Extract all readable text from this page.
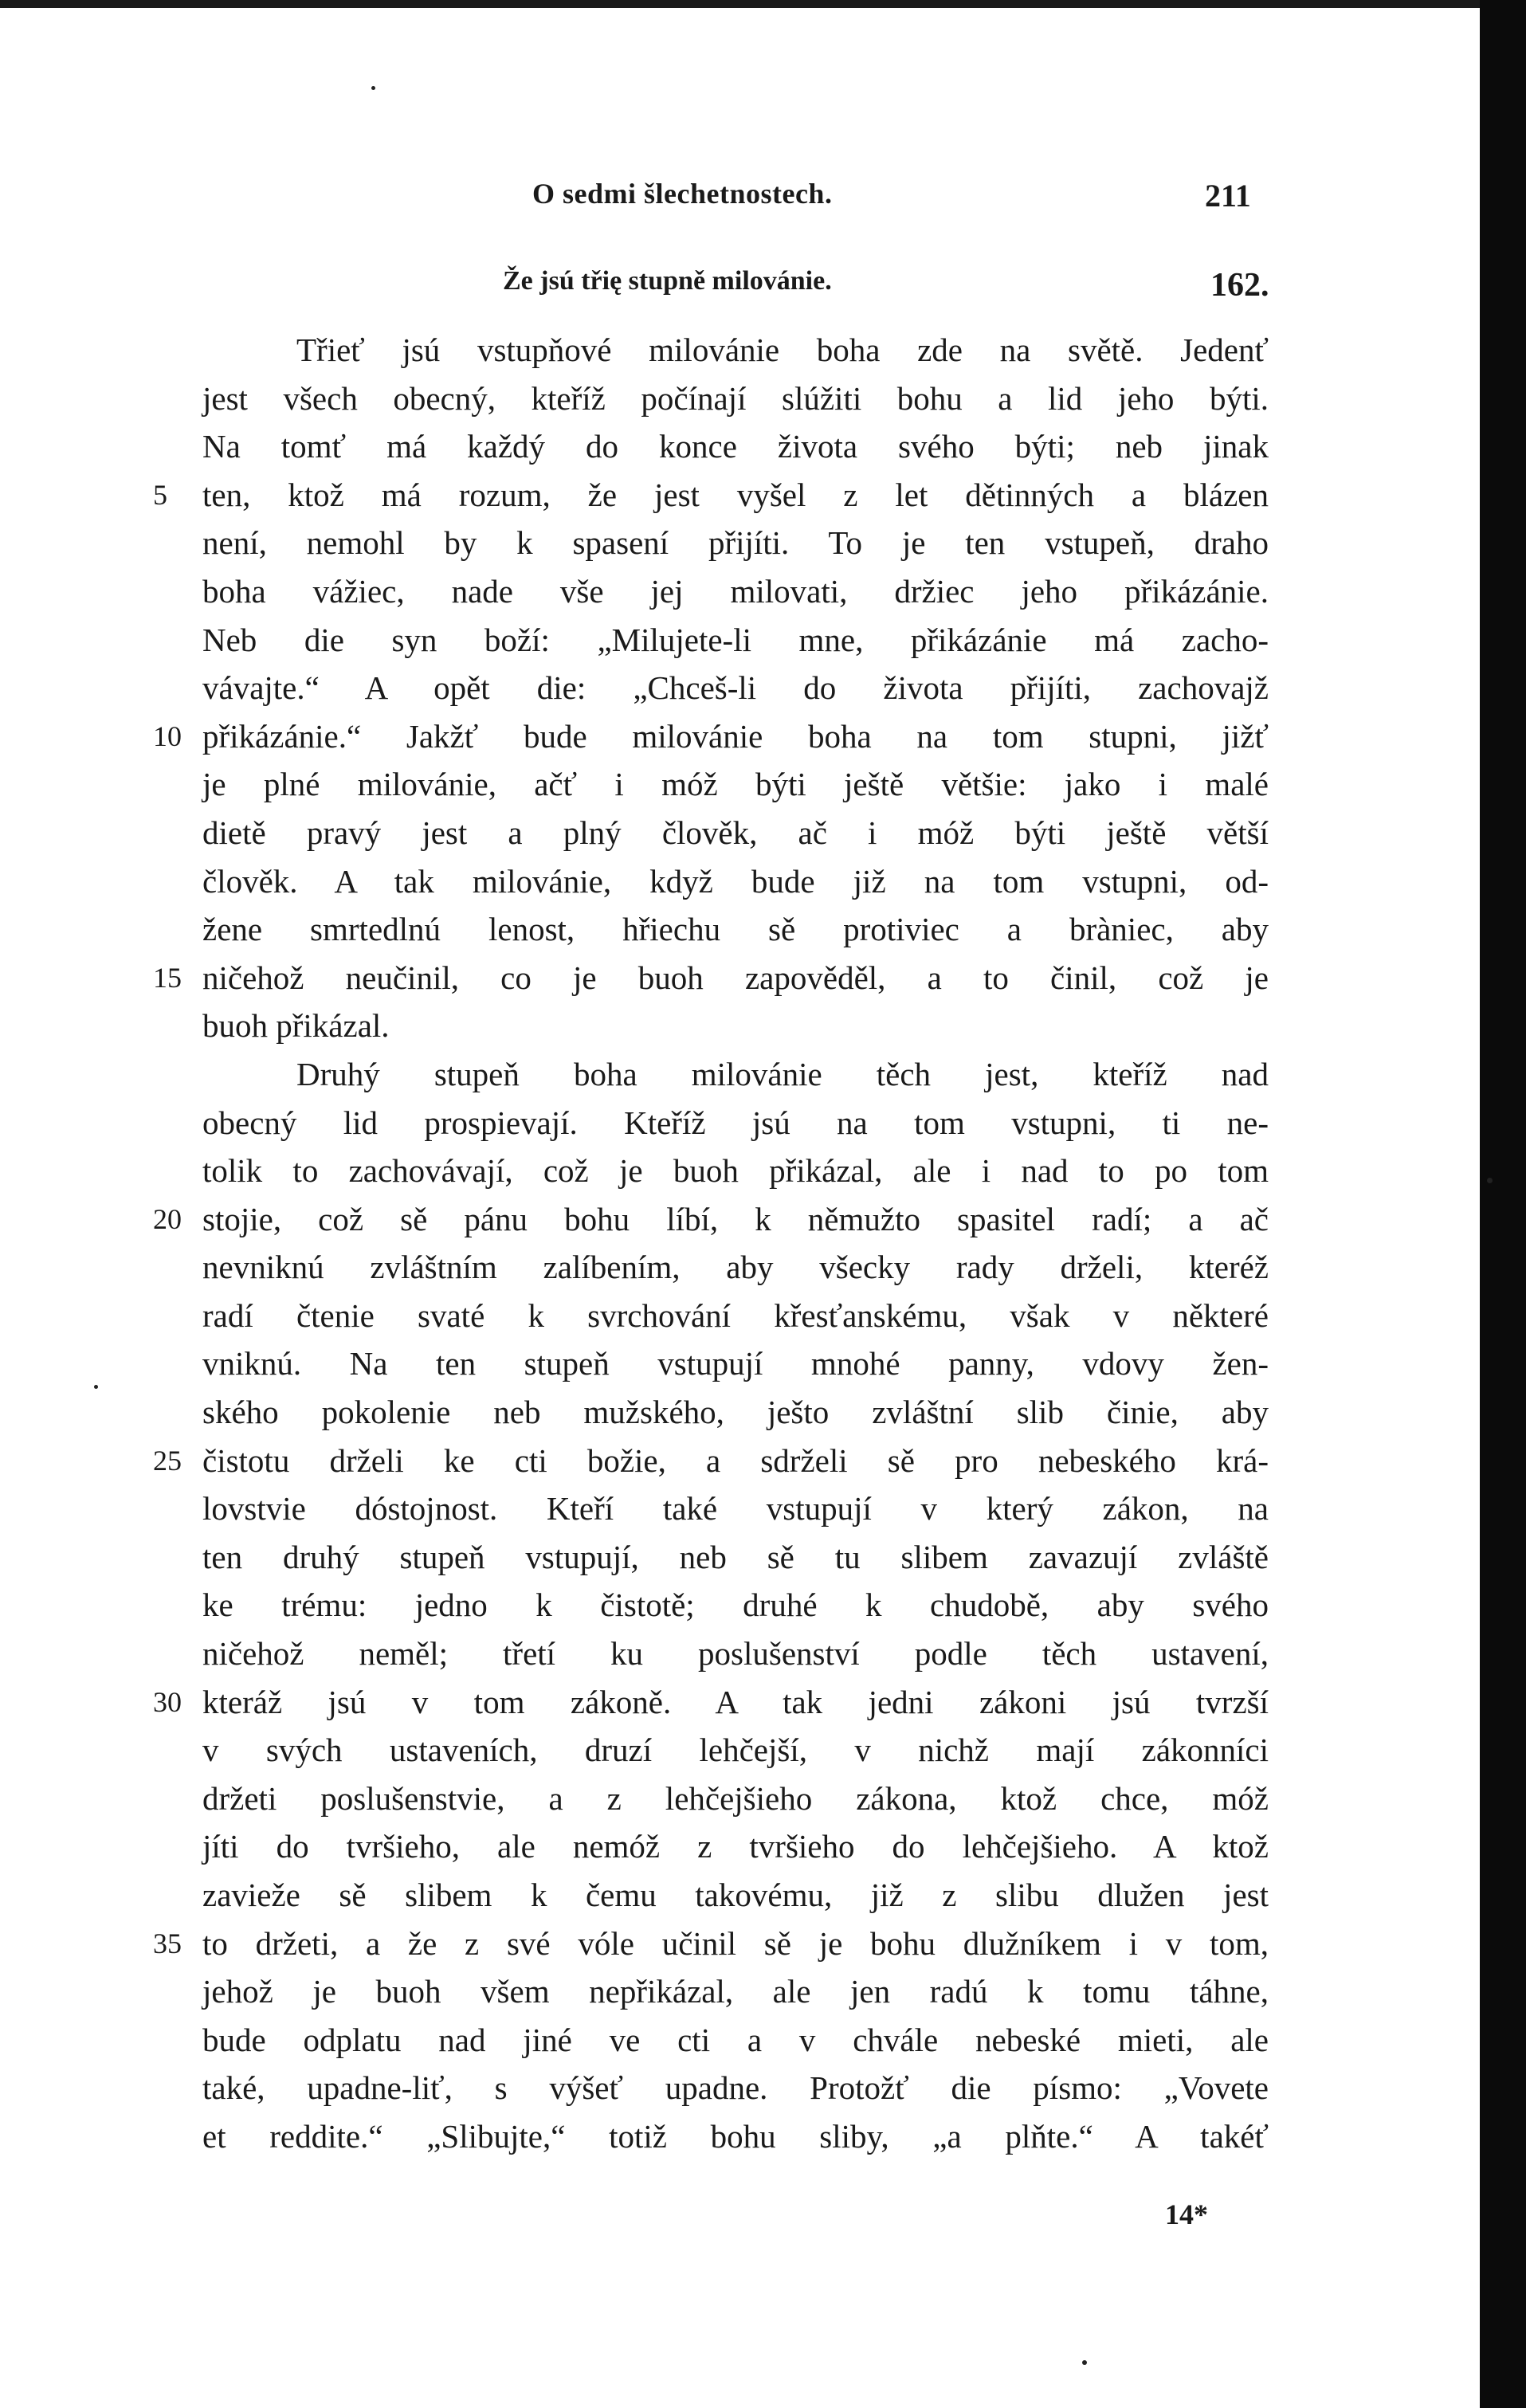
O sedmi šlechetnostech.	211
Že jsú třię stupně milovánie.	162.
Třieť jsú vstupňové milovánie boha zde na světě. Jedenť
jest všech obecný, kteříž počínají slúžiti bohu a lid jeho býti.
Na tomť má každý do konce života svého býti; neb jinak
5	ten, ktož má rozum, že jest vyšel z let dětinných a blázen
není, nemohl by k spasení přijíti. To je ten vstupeň, draho
boha vážiec, nade vše jej milovati, držiec jeho přikázánie.
Neb die syn boží: „Milujete-li mne, přikázánie má zacho-
vávajte.“ A opět die: „Chceš-li do života přijíti, zachovajž
10 přikázánie.“ Jakžť bude milovánie boha na tom stupni, jižť
je plné milovánie, ačť i móž býti ještě většie: jako i malé
dietě pravý jest a plný člověk, ač i móž býti ještě větší
člověk. A tak milovánie, když bude již na tom vstupni, od-
žene smrtedlnú lenost, hřiechu sě protiviec a bràniec, aby
15 ničehož neučinil, co je buoh zapověděl, a to činil, což je
buoh přikázal.
Druhý stupeň boha milovánie těch jest, kteříž nad
obecný lid prospievají. Kteříž jsú na tom vstupni, ti ne-
tolik to zachovávají, což je buoh přikázal, ale i nad to po tom
20 stojie, což sě pánu bohu líbí, k němužto spasitel radí; a ač
nevniknú zvláštním zalíbením, aby všecky rady drželi, kteréž
radí čtenie svaté k svrchování křesťanskému, však v některé
vniknú. Na ten stupeň vstupují mnohé panny, vdovy žen-
ského pokolenie neb mužského, ješto zvláštní slib činie, aby
25 čistotu drželi ke cti božie, a sdrželi sě pro nebeského krá-
lovstvie dóstojnost. Kteří také vstupují v který zákon, na
ten druhý stupeň vstupují, neb sě tu slibem zavazují zvláště
ke trému: jedno k čistotě; druhé k chudobě, aby svého
ničehož neměl; třetí ku poslušenství podle těch ustavení,
30 kteráž jsú v tom zákoně. A tak jedni zákoni jsú tvrzší
v svých ustaveních, druzí lehčejší, v nichž mají zákonníci
držeti poslušenstvie, a z lehčejšieho zákona, ktož chce, móž
jíti do tvršieho, ale nemóž z tvršieho do lehčejšieho. A ktož
zavieže sě slibem k čemu takovému, již z slibu dlužen jest
35 to držeti, a že z své vóle učinil sě je bohu dlužníkem i v tom,
jehož je buoh všem nepřikázal, ale jen radú k tomu táhne,
bude odplatu nad jiné ve cti a v chvále nebeské mieti, ale
také, upadne-liť, s výšeť upadne. Protožť die písmo: „Vovete
et reddite.“ „Slibujte,“ totiž bohu sliby, „a plňte.“ A takéť
14*
